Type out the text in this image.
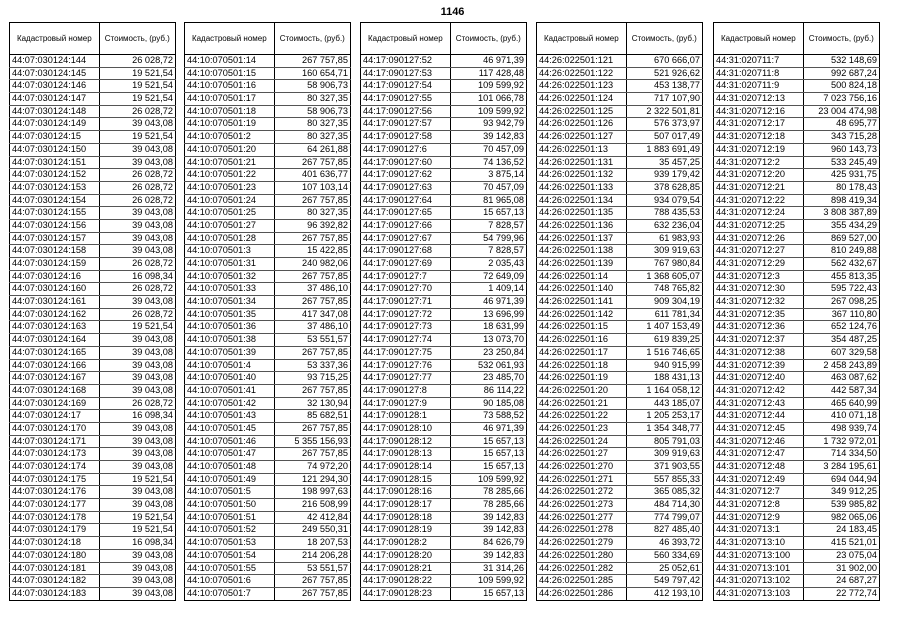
1146
Кадастровый номер	Стоимость, (руб.)
44:07:030124:144	26 028,72
44:07:030124:145	19 521,54
44:07:030124:146	19 521,54
44:07:030124:147	19 521,54
44:07:030124:148	26 028,72
44:07:030124:149	39 043,08
44:07:030124:15	19 521,54
44:07:030124:150	39 043,08
44:07:030124:151	39 043,08
44:07:030124:152	26 028,72
44:07:030124:153	26 028,72
44:07:030124:154	26 028,72
44:07:030124:155	39 043,08
44:07:030124:156	39 043,08
44:07:030124:157	39 043,08
44:07:030124:158	39 043,08
44:07:030124:159	26 028,72
44:07:030124:16	16 098,34
44:07:030124:160	26 028,72
44:07:030124:161	39 043,08
44:07:030124:162	26 028,72
44:07:030124:163	19 521,54
44:07:030124:164	39 043,08
44:07:030124:165	39 043,08
44:07:030124:166	39 043,08
44:07:030124:167	39 043,08
44:07:030124:168	39 043,08
44:07:030124:169	26 028,72
44:07:030124:17	16 098,34
44:07:030124:170	39 043,08
44:07:030124:171	39 043,08
44:07:030124:173	39 043,08
44:07:030124:174	39 043,08
44:07:030124:175	19 521,54
44:07:030124:176	39 043,08
44:07:030124:177	39 043,08
44:07:030124:178	19 521,54
44:07:030124:179	19 521,54
44:07:030124:18	16 098,34
44:07:030124:180	39 043,08
44:07:030124:181	39 043,08
44:07:030124:182	39 043,08
44:07:030124:183	39 043,08
Кадастровый номер	Стоимость, (руб.)
44:10:070501:14	267 757,85
44:10:070501:15	160 654,71
44:10:070501:16	58 906,73
44:10:070501:17	80 327,35
44:10:070501:18	58 906,73
44:10:070501:19	80 327,35
44:10:070501:2	80 327,35
44:10:070501:20	64 261,88
44:10:070501:21	267 757,85
44:10:070501:22	401 636,77
44:10:070501:23	107 103,14
44:10:070501:24	267 757,85
44:10:070501:25	80 327,35
44:10:070501:27	96 392,82
44:10:070501:28	267 757,85
44:10:070501:3	15 422,85
44:10:070501:31	240 982,06
44:10:070501:32	267 757,85
44:10:070501:33	37 486,10
44:10:070501:34	267 757,85
44:10:070501:35	417 347,08
44:10:070501:36	37 486,10
44:10:070501:38	53 551,57
44:10:070501:39	267 757,85
44:10:070501:4	53 337,36
44:10:070501:40	93 715,25
44:10:070501:41	267 757,85
44:10:070501:42	32 130,94
44:10:070501:43	85 682,51
44:10:070501:45	267 757,85
44:10:070501:46	5 355 156,93
44:10:070501:47	267 757,85
44:10:070501:48	74 972,20
44:10:070501:49	121 294,30
44:10:070501:5	198 997,63
44:10:070501:50	216 508,99
44:10:070501:51	42 412,84
44:10:070501:52	249 550,31
44:10:070501:53	18 207,53
44:10:070501:54	214 206,28
44:10:070501:55	53 551,57
44:10:070501:6	267 757,85
44:10:070501:7	267 757,85
Кадастровый номер	Стоимость, (руб.)
44:17:090127:52	46 971,39
44:17:090127:53	117 428,48
44:17:090127:54	109 599,92
44:17:090127:55	101 066,78
44:17:090127:56	109 599,92
44:17:090127:57	93 942,79
44:17:090127:58	39 142,83
44:17:090127:6	70 457,09
44:17:090127:60	74 136,52
44:17:090127:62	3 875,14
44:17:090127:63	70 457,09
44:17:090127:64	81 965,08
44:17:090127:65	15 657,13
44:17:090127:66	7 828,57
44:17:090127:67	54 799,96
44:17:090127:68	7 828,57
44:17:090127:69	2 035,43
44:17:090127:7	72 649,09
44:17:090127:70	1 409,14
44:17:090127:71	46 971,39
44:17:090127:72	13 696,99
44:17:090127:73	18 631,99
44:17:090127:74	13 073,70
44:17:090127:75	23 250,84
44:17:090127:76	532 061,93
44:17:090127:77	23 485,70
44:17:090127:8	86 114,22
44:17:090127:9	90 185,08
44:17:090128:1	73 588,52
44:17:090128:10	46 971,39
44:17:090128:12	15 657,13
44:17:090128:13	15 657,13
44:17:090128:14	15 657,13
44:17:090128:15	109 599,92
44:17:090128:16	78 285,66
44:17:090128:17	78 285,66
44:17:090128:18	39 142,83
44:17:090128:19	39 142,83
44:17:090128:2	84 626,79
44:17:090128:20	39 142,83
44:17:090128:21	31 314,26
44:17:090128:22	109 599,92
44:17:090128:23	15 657,13
Кадастровый номер	Стоимость, (руб.)
44:26:022501:121	670 666,07
44:26:022501:122	521 926,62
44:26:022501:123	453 138,77
44:26:022501:124	717 107,90
44:26:022501:125	2 322 501,81
44:26:022501:126	576 373,97
44:26:022501:127	507 017,49
44:26:022501:13	1 883 691,49
44:26:022501:131	35 457,25
44:26:022501:132	939 179,42
44:26:022501:133	378 628,85
44:26:022501:134	934 079,54
44:26:022501:135	788 435,53
44:26:022501:136	632 236,04
44:26:022501:137	61 983,93
44:26:022501:138	309 919,63
44:26:022501:139	767 980,84
44:26:022501:14	1 368 605,07
44:26:022501:140	748 765,82
44:26:022501:141	909 304,19
44:26:022501:142	611 781,34
44:26:022501:15	1 407 153,49
44:26:022501:16	619 839,25
44:26:022501:17	1 516 746,65
44:26:022501:18	940 915,99
44:26:022501:19	188 431,13
44:26:022501:20	1 164 058,12
44:26:022501:21	443 185,07
44:26:022501:22	1 205 253,17
44:26:022501:23	1 354 348,77
44:26:022501:24	805 791,03
44:26:022501:27	309 919,63
44:26:022501:270	371 903,55
44:26:022501:271	557 855,33
44:26:022501:272	365 085,32
44:26:022501:273	484 714,30
44:26:022501:277	774 799,07
44:26:022501:278	827 485,40
44:26:022501:279	46 393,72
44:26:022501:280	560 334,69
44:26:022501:282	25 052,61
44:26:022501:285	549 797,42
44:26:022501:286	412 193,10
Кадастровый номер	Стоимость, (руб.)
44:31:020711:7	532 148,69
44:31:020711:8	992 687,24
44:31:020711:9	500 824,18
44:31:020712:13	7 023 756,16
44:31:020712:16	23 004 474,98
44:31:020712:17	48 695,77
44:31:020712:18	343 715,28
44:31:020712:19	960 143,73
44:31:020712:2	533 245,49
44:31:020712:20	425 931,75
44:31:020712:21	80 178,43
44:31:020712:22	898 419,34
44:31:020712:24	3 808 387,89
44:31:020712:25	355 434,29
44:31:020712:26	869 527,00
44:31:020712:27	810 249,88
44:31:020712:29	562 432,67
44:31:020712:3	455 813,35
44:31:020712:30	595 722,43
44:31:020712:32	267 098,25
44:31:020712:35	367 110,80
44:31:020712:36	652 124,76
44:31:020712:37	354 487,25
44:31:020712:38	607 329,58
44:31:020712:39	2 458 243,89
44:31:020712:40	463 087,62
44:31:020712:42	442 587,34
44:31:020712:43	465 640,99
44:31:020712:44	410 071,18
44:31:020712:45	498 939,74
44:31:020712:46	1 732 972,01
44:31:020712:47	714 334,50
44:31:020712:48	3 284 195,61
44:31:020712:49	694 044,94
44:31:020712:7	349 912,25
44:31:020712:8	539 985,82
44:31:020712:9	982 065,06
44:31:020713:1	24 183,45
44:31:020713:10	415 521,01
44:31:020713:100	23 075,04
44:31:020713:101	31 902,00
44:31:020713:102	24 687,27
44:31:020713:103	22 772,74
